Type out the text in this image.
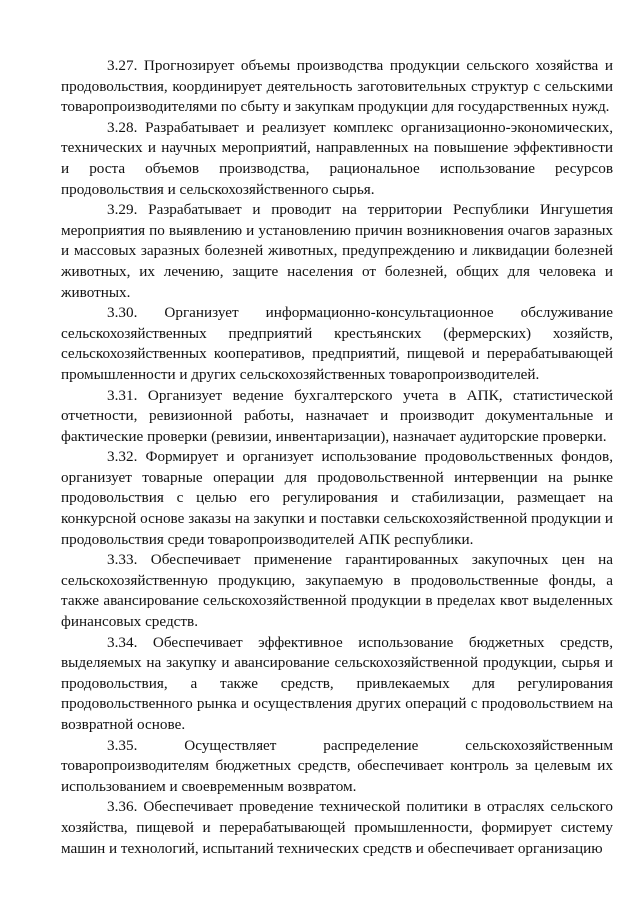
3.27. Прогнозирует объемы производства продукции сельского хозяйства и продовольствия, координирует деятельность заготовительных структур с сельскими товаропроизводителями по сбыту и закупкам продукции для государственных нужд.

3.28. Разрабатывает и реализует комплекс организационно-экономических, технических и научных мероприятий, направленных на повышение эффективности и роста объемов производства, рациональное использование ресурсов продовольствия и сельскохозяйственного сырья.

3.29. Разрабатывает и проводит на территории Республики Ингушетия мероприятия по выявлению и установлению причин возникновения очагов заразных и массовых заразных болезней животных, предупреждению и ликвидации болезней животных, их лечению, защите населения от болезней, общих для человека и животных.

3.30. Организует информационно-консультационное обслуживание сельскохозяйственных предприятий крестьянских (фермерских) хозяйств, сельскохозяйственных кооперативов, предприятий, пищевой и перерабатывающей промышленности и других сельскохозяйственных товаропроизводителей.

3.31. Организует ведение бухгалтерского учета в АПК, статистической отчетности, ревизионной работы, назначает и производит документальные и фактические проверки (ревизии, инвентаризации), назначает аудиторские проверки.

3.32. Формирует и организует использование продовольственных фондов, организует товарные операции для продовольственной интервенции на рынке продовольствия с целью его регулирования и стабилизации, размещает на конкурсной основе заказы на закупки и поставки сельскохозяйственной продукции и продовольствия среди товаропроизводителей АПК республики.

3.33. Обеспечивает применение гарантированных закупочных цен на сельскохозяйственную продукцию, закупаемую в продовольственные фонды, а также авансирование сельскохозяйственной продукции в пределах квот выделенных финансовых средств.

3.34. Обеспечивает эффективное использование бюджетных средств, выделяемых на закупку и авансирование сельскохозяйственной продукции, сырья и продовольствия, а также средств, привлекаемых для регулирования продовольственного рынка и осуществления других операций с продовольствием на возвратной основе.

3.35. Осуществляет распределение сельскохозяйственным товаропроизводителям бюджетных средств, обеспечивает контроль за целевым их использованием и своевременным возвратом.

3.36. Обеспечивает проведение технической политики в отраслях сельского хозяйства, пищевой и перерабатывающей промышленности, формирует систему машин и технологий, испытаний технических средств и обеспечивает организацию
